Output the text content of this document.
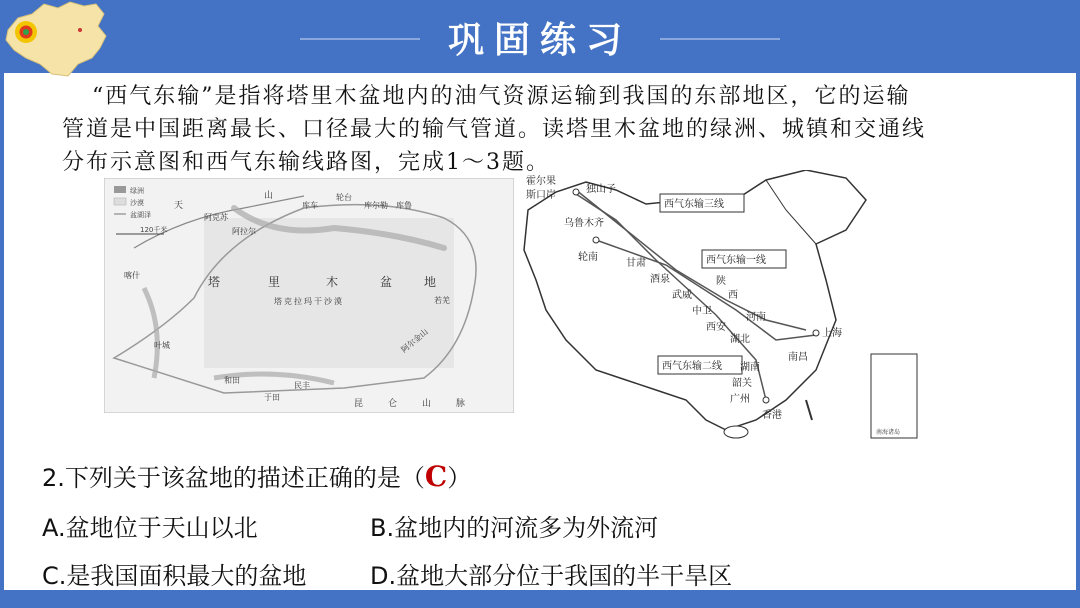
巩固练习
“西气东输”是指将塔里木盆地内的油气资源运输到我国的东部地区，它的运输
管道是中国距离最长、口径最大的输气管道。读塔里木盆地的绿洲、城镇和交通线
分布示意图和西气东输线路图，完成1～3题。
绿洲
沙漠
盆湖泽
120千米
阿克苏
阿拉尔
库车
轮台
库尔勒 库鲁
喀什
叶城
和田
民丰
于田
若羌
塔	里	木	盆	地
塔克拉玛干沙漠
阿尔金山
昆	仑	山	脉
天
山
南海诸岛
西气东输三线
西气东输一线
西气东输二线
霍尔果
斯口岸
独山子
乌鲁木齐
轮南
甘肃
酒泉
武威
中卫
陕
西
西安
河南
湖北
湖南
南昌
上海
韶关
广州
香港
2.下列关于该盆地的描述正确的是（C）
A.盆地位于天山以北	B.盆地内的河流多为外流河
C.是我国面积最大的盆地	D.盆地大部分位于我国的半干旱区
